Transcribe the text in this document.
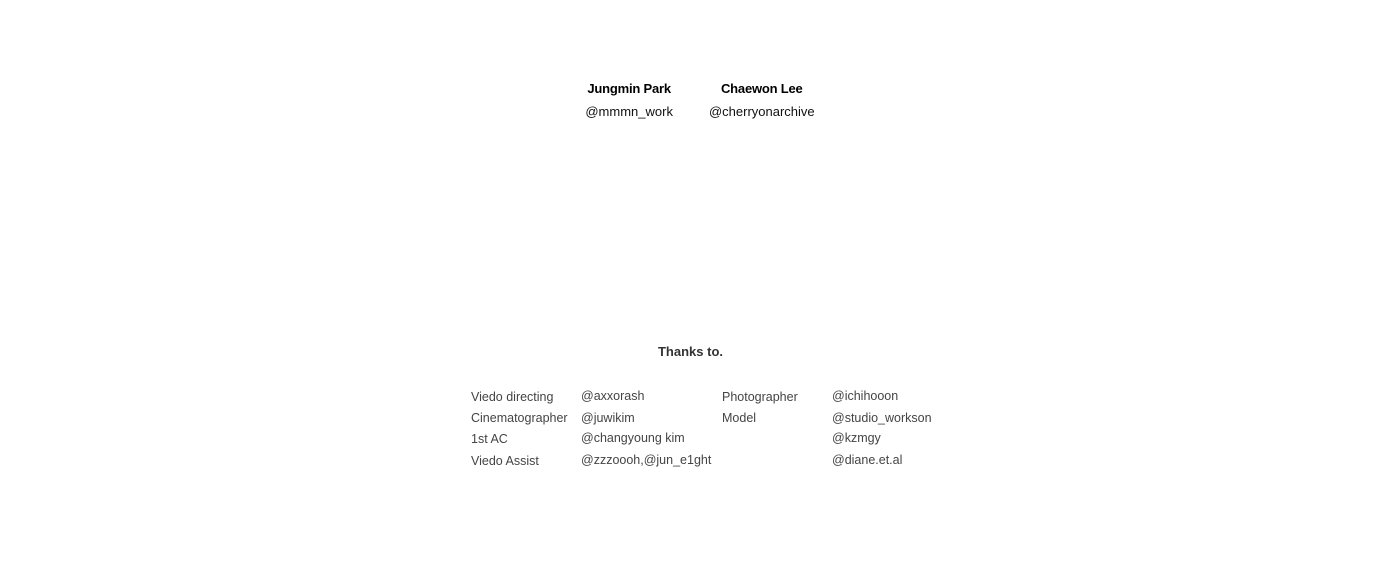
Jungmin Park
@mmmn_work
Chaewon Lee
@cherryonarchive
Thanks to.
Viedo directing
Cinematographer
1st AC
Viedo Assist
@axxorash
@juwikim
@changyoung kim
@zzzoooh,@jun_e1ght
Photographer
Model
@ichihooon
@studio_workson
@kzmgy
@diane.et.al
